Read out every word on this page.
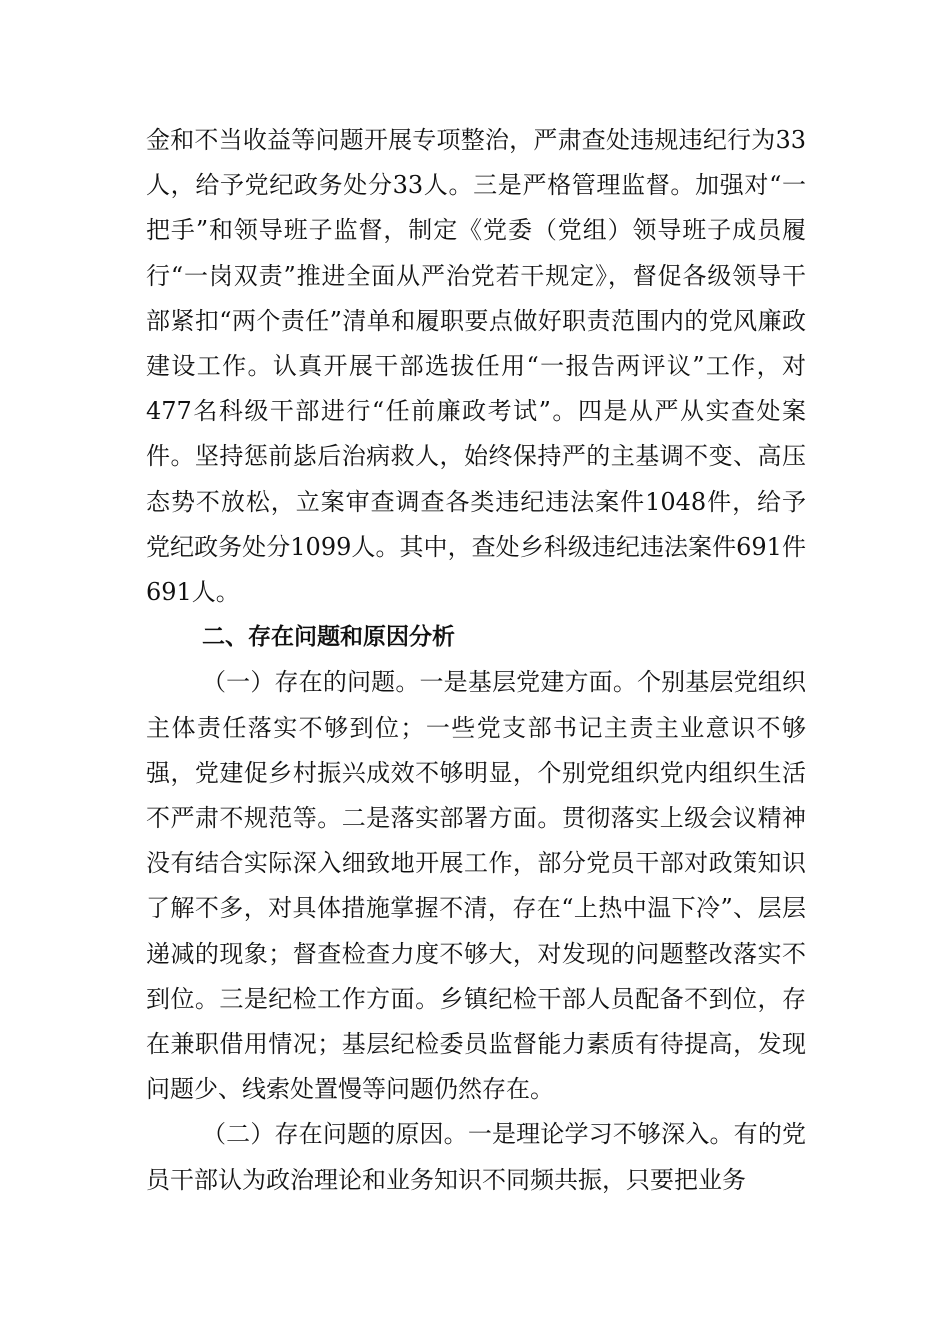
金和不当收益等问题开展专项整治，严肃查处违规违纪行为33人，给予党纪政务处分33人。三是严格管理监督。加强对“一把手”和领导班子监督，制定《党委（党组）领导班子成员履行“一岗双责”推进全面从严治党若干规定》，督促各级领导干部紧扣“两个责任”清单和履职要点做好职责范围内的党风廉政建设工作。认真开展干部选拔任用“一报告两评议”工作，对477名科级干部进行“任前廉政考试”。四是从严从实查处案件。坚持惩前毖后治病救人，始终保持严的主基调不变、高压态势不放松，立案审查调查各类违纪违法案件1048件，给予党纪政务处分1099人。其中，查处乡科级违纪违法案件691件691人。

二、存在问题和原因分析

（一）存在的问题。一是基层党建方面。个别基层党组织主体责任落实不够到位；一些党支部书记主责主业意识不够强，党建促乡村振兴成效不够明显，个别党组织党内组织生活不严肃不规范等。二是落实部署方面。贯彻落实上级会议精神没有结合实际深入细致地开展工作，部分党员干部对政策知识了解不多，对具体措施掌握不清，存在“上热中温下冷”、层层递减的现象；督查检查力度不够大，对发现的问题整改落实不到位。三是纪检工作方面。乡镇纪检干部人员配备不到位，存在兼职借用情况；基层纪检委员监督能力素质有待提高，发现问题少、线索处置慢等问题仍然存在。

（二）存在问题的原因。一是理论学习不够深入。有的党员干部认为政治理论和业务知识不同频共振，只要把业务
